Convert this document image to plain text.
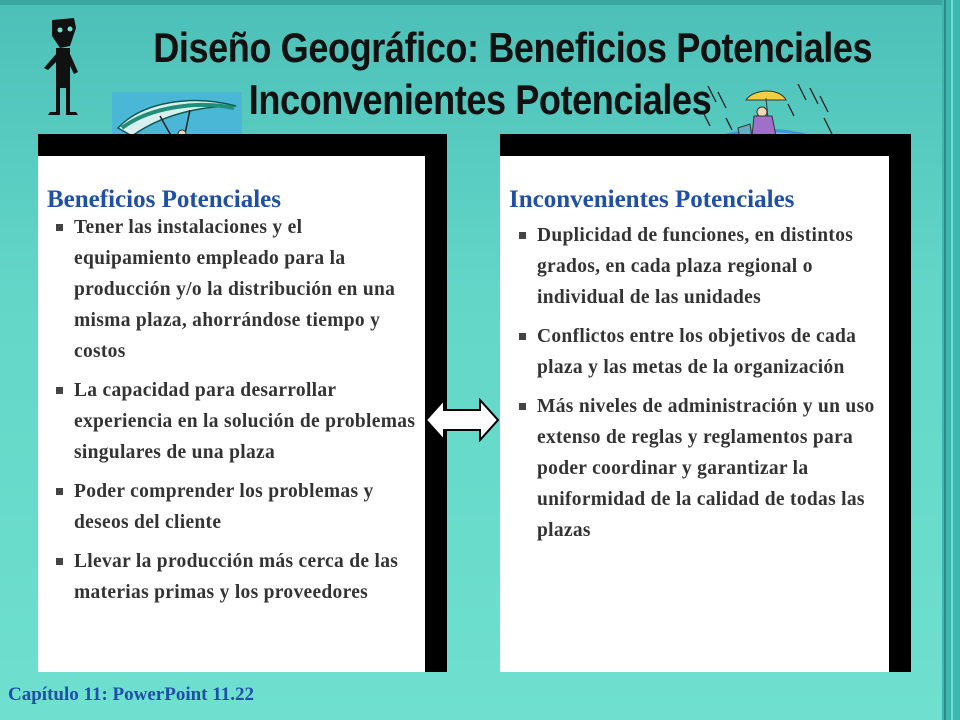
Diseño Geográfico: Beneficios Potenciales
Inconvenientes Potenciales
Beneficios Potenciales
Tener las instalaciones y el equipamiento empleado para la producción y/o la distribución en una misma plaza, ahorrándose tiempo y costos
La capacidad para desarrollar experiencia en la solución de problemas singulares de una plaza
Poder comprender los problemas y deseos del cliente
Llevar la producción más cerca de las materias primas y los proveedores
Inconvenientes Potenciales
Duplicidad de funciones, en distintos grados, en cada plaza regional o individual de las unidades
Conflictos entre los objetivos de cada plaza y las metas de la organización
Más niveles de administración y un uso extenso de reglas y reglamentos para poder coordinar y garantizar la uniformidad de la calidad de todas las plazas
Capítulo 11: PowerPoint 11.22
